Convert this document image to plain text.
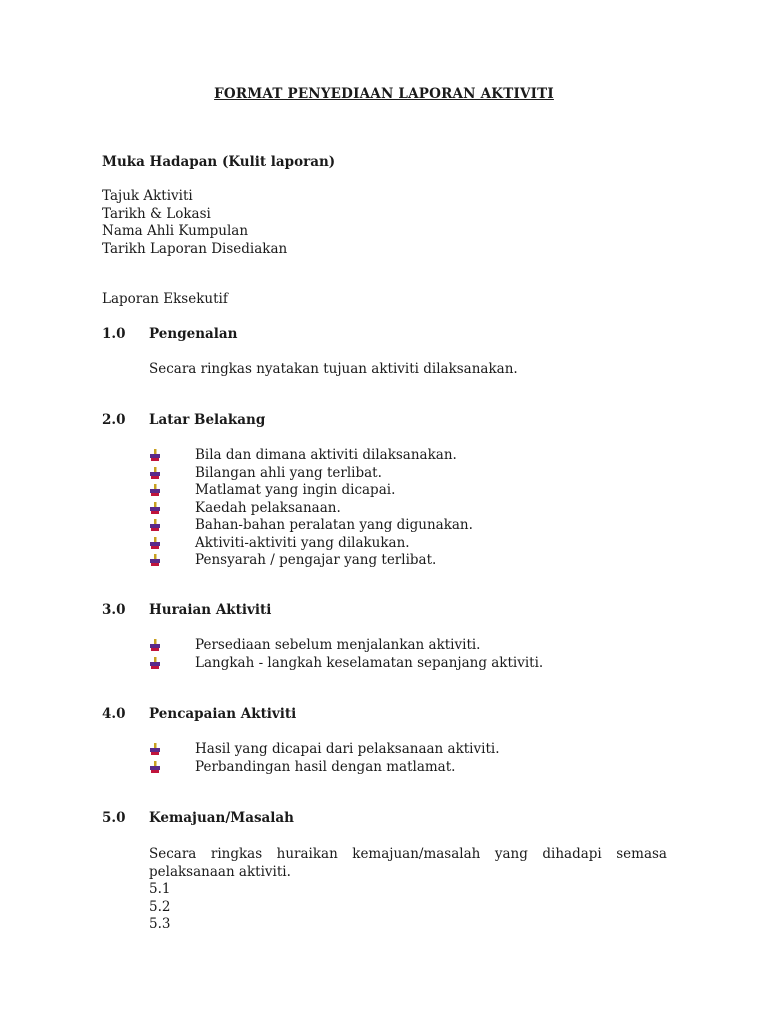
FORMAT PENYEDIAAN LAPORAN AKTIVITI
Muka Hadapan (Kulit laporan)
Tajuk Aktiviti
Tarikh & Lokasi
Nama Ahli Kumpulan
Tarikh Laporan Disediakan
Laporan Eksekutif
1.0 Pengenalan
Secara ringkas nyatakan tujuan aktiviti dilaksanakan.
2.0 Latar Belakang
Bila dan dimana aktiviti dilaksanakan.
Bilangan ahli yang terlibat.
Matlamat yang ingin dicapai.
Kaedah pelaksanaan.
Bahan-bahan peralatan yang digunakan.
Aktiviti-aktiviti yang dilakukan.
Pensyarah / pengajar yang terlibat.
3.0 Huraian Aktiviti
Persediaan sebelum menjalankan aktiviti.
Langkah - langkah keselamatan sepanjang aktiviti.
4.0 Pencapaian Aktiviti
Hasil yang dicapai dari pelaksanaan aktiviti.
Perbandingan hasil dengan matlamat.
5.0 Kemajuan/Masalah
Secara ringkas huraikan kemajuan/masalah yang dihadapi semasa
pelaksanaan aktiviti.
5.1
5.2
5.3
